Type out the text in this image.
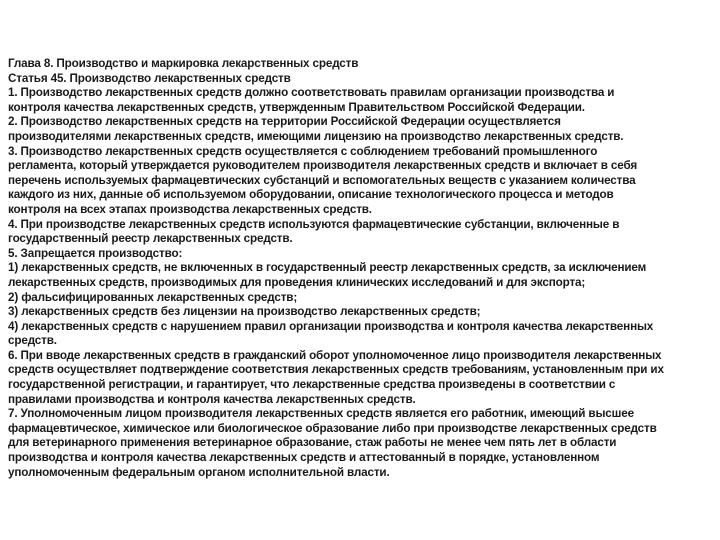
Глава 8. Производство и маркировка лекарственных средств
Статья 45. Производство лекарственных средств
1. Производство лекарственных средств должно соответствовать правилам организации производства и
контроля качества лекарственных средств, утвержденным Правительством Российской Федерации.
2. Производство лекарственных средств на территории Российской Федерации осуществляется
производителями лекарственных средств, имеющими лицензию на производство лекарственных средств.
3. Производство лекарственных средств осуществляется с соблюдением требований промышленного
регламента, который утверждается руководителем производителя лекарственных средств и включает в себя
перечень используемых фармацевтических субстанций и вспомогательных веществ с указанием количества
каждого из них, данные об используемом оборудовании, описание технологического процесса и методов
контроля на всех этапах производства лекарственных средств.
4. При производстве лекарственных средств используются фармацевтические субстанции, включенные в
государственный реестр лекарственных средств.
5. Запрещается производство:
1) лекарственных средств, не включенных в государственный реестр лекарственных средств, за исключением
лекарственных средств, производимых для проведения клинических исследований и для экспорта;
2) фальсифицированных лекарственных средств;
3) лекарственных средств без лицензии на производство лекарственных средств;
4) лекарственных средств с нарушением правил организации производства и контроля качества лекарственных
средств.
6. При вводе лекарственных средств в гражданский оборот уполномоченное лицо производителя лекарственных
средств осуществляет подтверждение соответствия лекарственных средств требованиям, установленным при их
государственной регистрации, и гарантирует, что лекарственные средства произведены в соответствии с
правилами производства и контроля качества лекарственных средств.
7. Уполномоченным лицом производителя лекарственных средств является его работник, имеющий высшее
фармацевтическое, химическое или биологическое образование либо при производстве лекарственных средств
для ветеринарного применения ветеринарное образование, стаж работы не менее чем пять лет в области
производства и контроля качества лекарственных средств и аттестованный в порядке, установленном
уполномоченным федеральным органом исполнительной власти.
